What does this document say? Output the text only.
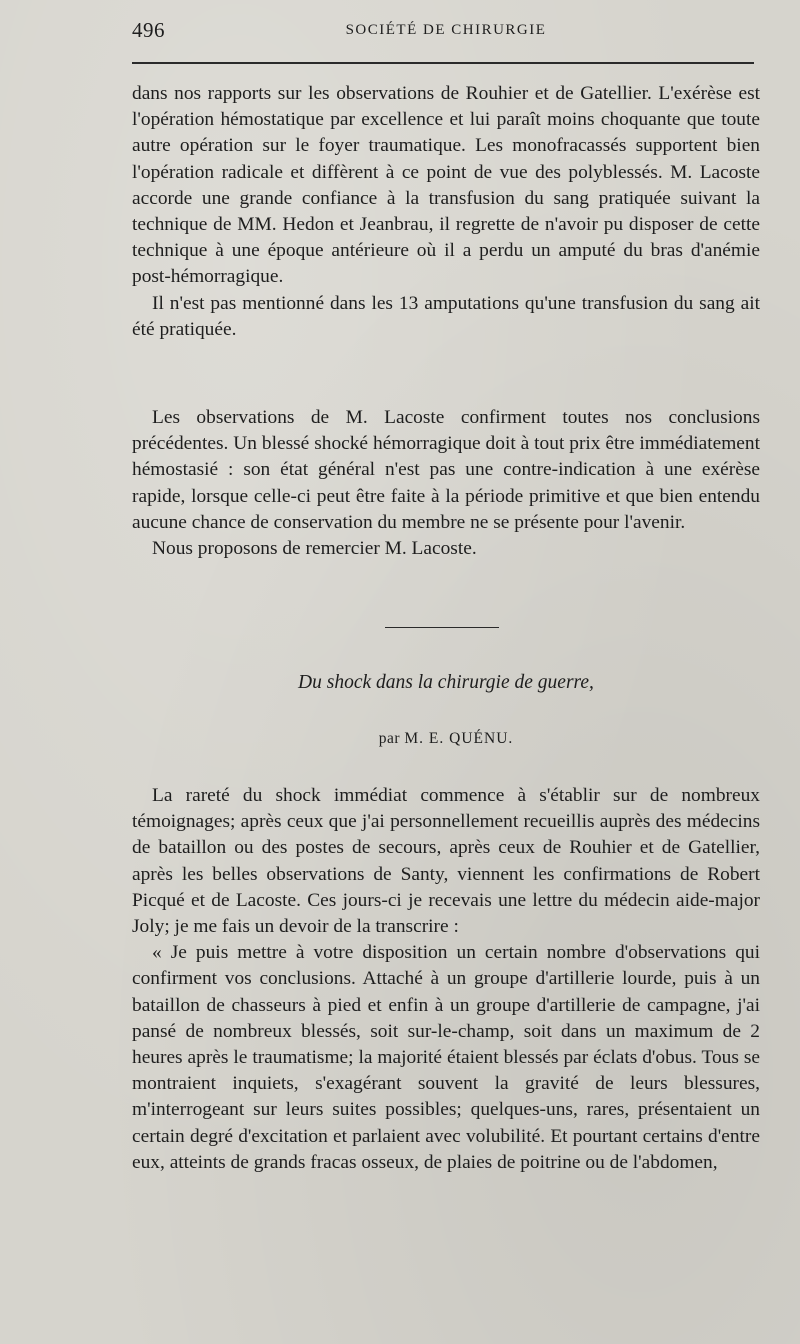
496	SOCIÉTÉ DE CHIRURGIE

dans nos rapports sur les observations de Rouhier et de Gatellier. L'exérèse est l'opération hémostatique par excellence et lui paraît moins choquante que toute autre opération sur le foyer traumatique. Les monofracassés supportent bien l'opération radicale et diffèrent à ce point de vue des polyblessés. M. Lacoste accorde une grande confiance à la transfusion du sang pratiquée suivant la technique de MM. Hedon et Jeanbrau, il regrette de n'avoir pu disposer de cette technique à une époque antérieure où il a perdu un amputé du bras d'anémie post-hémorragique.

Il n'est pas mentionné dans les 13 amputations qu'une transfusion du sang ait été pratiquée.

Les observations de M. Lacoste confirment toutes nos conclusions précédentes. Un blessé shocké hémorragique doit à tout prix être immédiatement hémostasié : son état général n'est pas une contre-indication à une exérèse rapide, lorsque celle-ci peut être faite à la période primitive et que bien entendu aucune chance de conservation du membre ne se présente pour l'avenir.

Nous proposons de remercier M. Lacoste.

Du shock dans la chirurgie de guerre,
par M. E. QUÉNU.

La rareté du shock immédiat commence à s'établir sur de nombreux témoignages; après ceux que j'ai personnellement recueillis auprès des médecins de bataillon ou des postes de secours, après ceux de Rouhier et de Gatellier, après les belles observations de Santy, viennent les confirmations de Robert Picqué et de Lacoste. Ces jours-ci je recevais une lettre du médecin aide-major Joly; je me fais un devoir de la transcrire :

« Je puis mettre à votre disposition un certain nombre d'observations qui confirment vos conclusions. Attaché à un groupe d'artillerie lourde, puis à un bataillon de chasseurs à pied et enfin à un groupe d'artillerie de campagne, j'ai pansé de nombreux blessés, soit sur-le-champ, soit dans un maximum de 2 heures après le traumatisme; la majorité étaient blessés par éclats d'obus. Tous se montraient inquiets, s'exagérant souvent la gravité de leurs blessures, m'interrogeant sur leurs suites possibles; quelques-uns, rares, présentaient un certain degré d'excitation et parlaient avec volubilité. Et pourtant certains d'entre eux, atteints de grands fracas osseux, de plaies de poitrine ou de l'abdomen,
